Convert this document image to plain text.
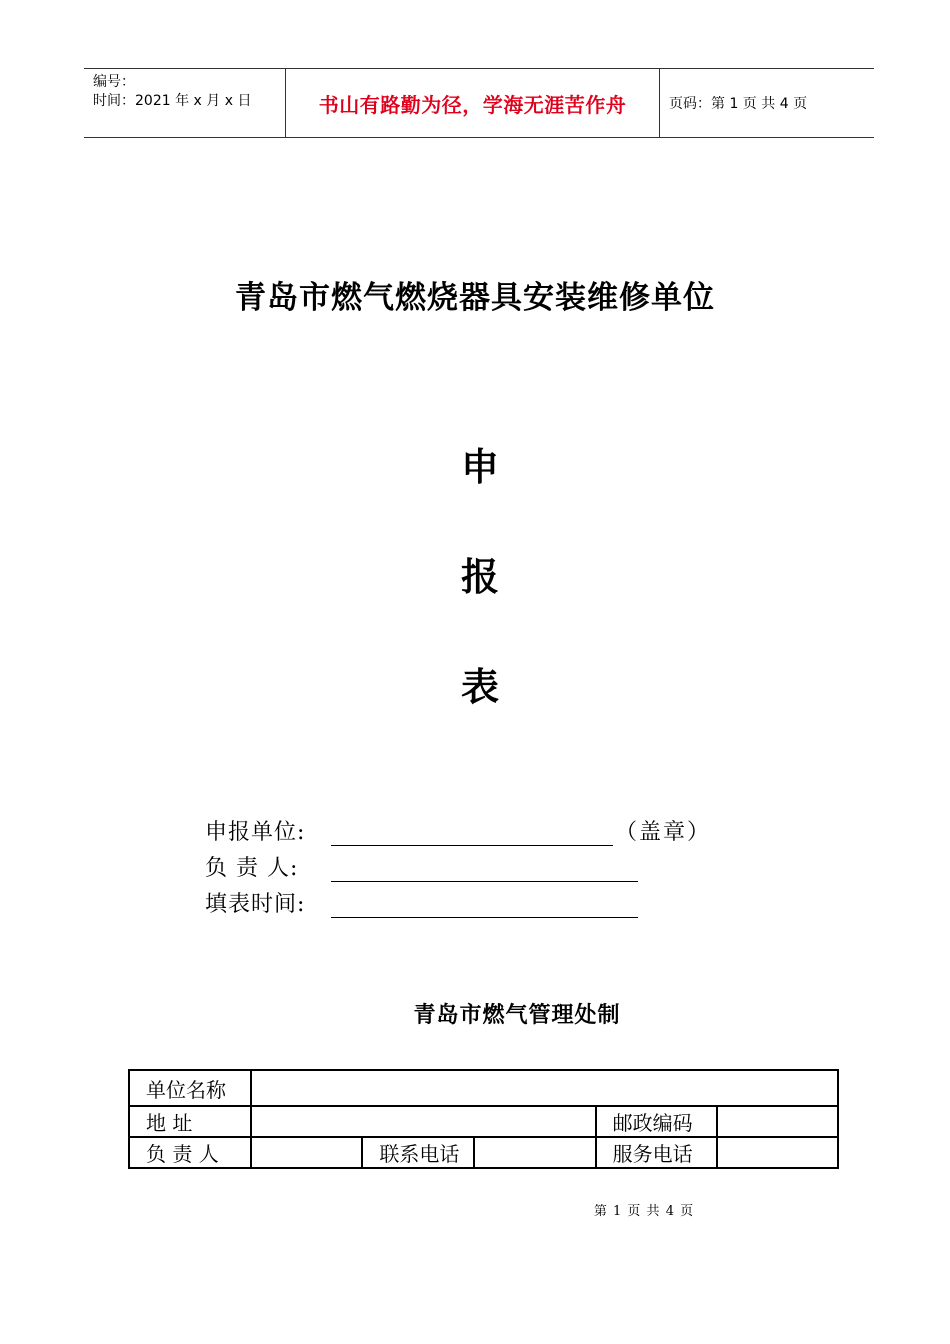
编号：
时间：2021 年 x 月 x 日	书山有路勤为径，学海无涯苦作舟	页码：第 1 页 共 4 页
青岛市燃气燃烧器具安装维修单位
申
报
表
申报单位:	（盖章）
负 责 人:
填表时间:
青岛市燃气管理处制
单位名称					
地 址				邮政编码	
负 责 人		联系电话		服务电话	
第 1 页 共 4 页
